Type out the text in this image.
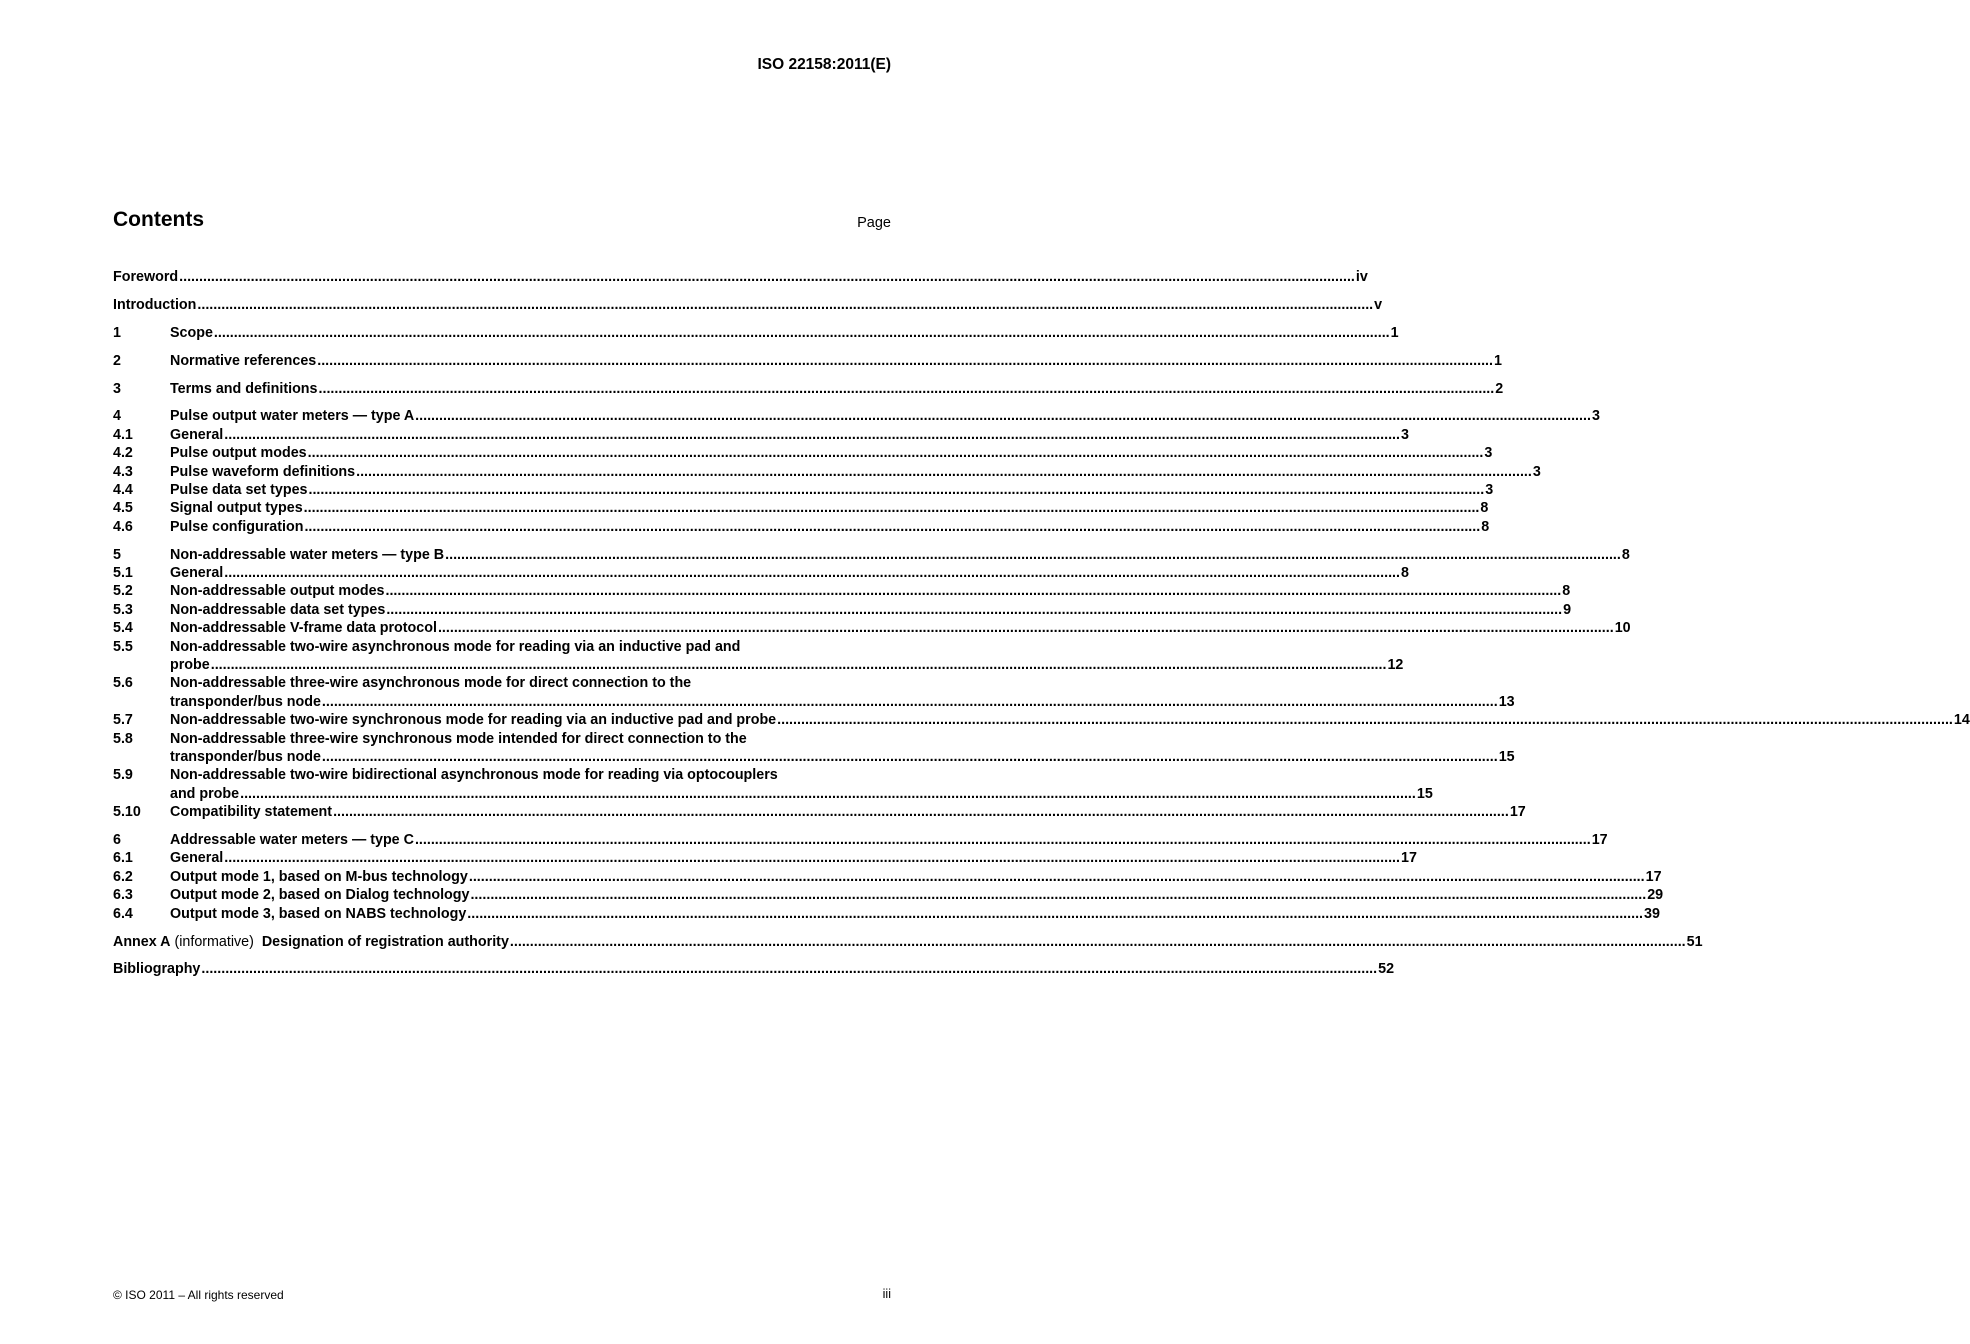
ISO 22158:2011(E)
Contents	Page
Foreword .....	iv
Introduction .....	v
1	Scope .....	1
2	Normative references .....	1
3	Terms and definitions .....	2
4	Pulse output water meters — type A .....	3
4.1	General .....	3
4.2	Pulse output modes .....	3
4.3	Pulse waveform definitions .....	3
4.4	Pulse data set types .....	3
4.5	Signal output types .....	8
4.6	Pulse configuration .....	8
5	Non-addressable water meters — type B .....	8
5.1	General .....	8
5.2	Non-addressable output modes .....	8
5.3	Non-addressable data set types .....	9
5.4	Non-addressable V-frame data protocol .....	10
5.5	Non-addressable two-wire asynchronous mode for reading via an inductive pad and
probe .....	12
5.6	Non-addressable three-wire asynchronous mode for direct connection to the
transponder/bus node .....	13
5.7	Non-addressable two-wire synchronous mode for reading via an inductive pad and probe .....	14
5.8	Non-addressable three-wire synchronous mode intended for direct connection to the
transponder/bus node .....	15
5.9	Non-addressable two-wire bidirectional asynchronous mode for reading via optocouplers
and probe .....	15
5.10	Compatibility statement .....	17
6	Addressable water meters — type C .....	17
6.1	General .....	17
6.2	Output mode 1, based on M-bus technology .....	17
6.3	Output mode 2, based on Dialog technology .....	29
6.4	Output mode 3, based on NABS technology .....	39
Annex A (informative) Designation of registration authority .....	51
Bibliography .....	52
© ISO 2011 – All rights reserved	iii
